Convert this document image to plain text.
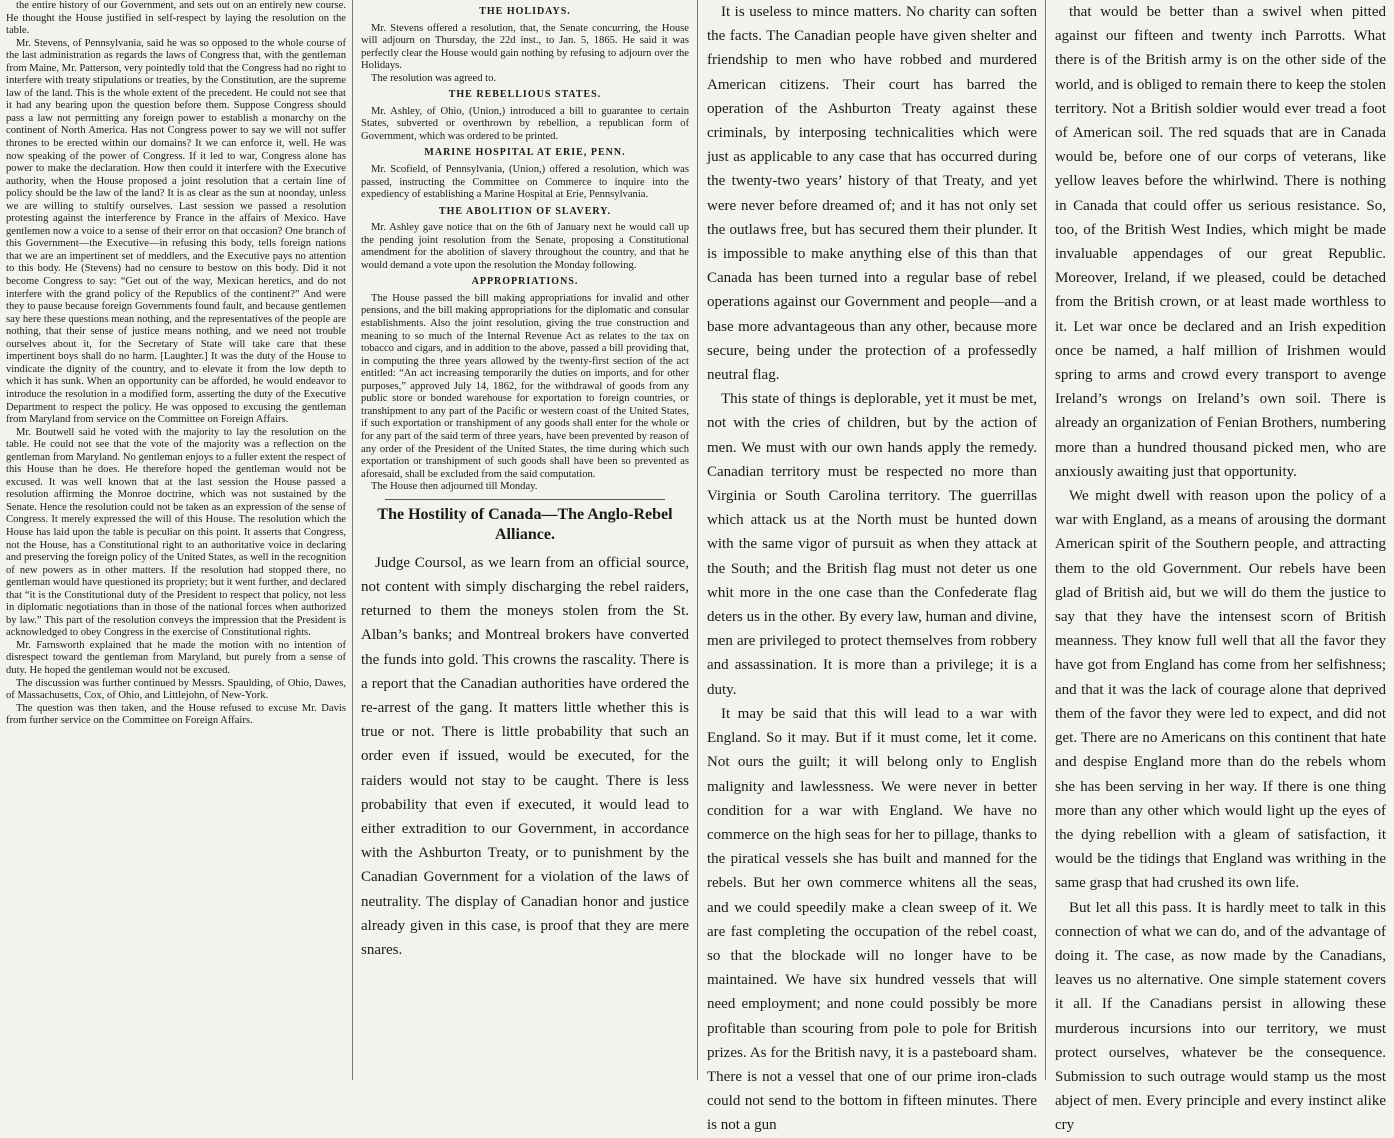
the entire history of our Government, and sets out on an entirely new course. He thought the House justified in self-respect by laying the resolution on the table.

Mr. Stevens, of Pennsylvania, said he was so opposed to the whole course of the last administration as regards the laws of Congress that, with the gentleman from Maine, Mr. Patterson, very pointedly told that the Congress had no right to interfere with treaty stipulations or treaties, by the Constitution, are the supreme law of the land. This is the whole extent of the precedent. He could not see that it had any bearing upon the question before them. Suppose Congress should pass a law not permitting any foreign power to establish a monarchy on the continent of North America. Has not Congress power to say we will not suffer thrones to be erected within our domains? It we can enforce it, well. He was now speaking of the power of Congress. If it led to war, Congress alone has power to make the declaration. How then could it interfere with the Executive authority, when the House proposed a joint resolution that a certain line of policy should be the law of the land? It is as clear as the sun at noonday, unless we are willing to stultify ourselves. Last session we passed a resolution protesting against the interference by France in the affairs of Mexico. Have gentlemen now a voice to a sense of their error on that occasion? One branch of this Government—the Executive—in refusing this body, tells foreign nations that we are an impertinent set of meddlers, and the Executive pays no attention to this body. He (Stevens) had no censure to bestow on this body. Did it not become Congress to say: “Get out of the way, Mexican heretics, and do not interfere with the grand policy of the Republics of the continent?” And were they to pause because foreign Governments found fault, and because gentlemen say here these questions mean nothing, and the representatives of the people are nothing, that their sense of justice means nothing, and we need not trouble ourselves about it, for the Secretary of State will take care that these impertinent boys shall do no harm. [Laughter.] It was the duty of the House to vindicate the dignity of the country, and to elevate it from the low depth to which it has sunk. When an opportunity can be afforded, he would endeavor to introduce the resolution in a modified form, asserting the duty of the Executive Department to respect the policy. He was opposed to excusing the gentleman from Maryland from service on the Committee on Foreign Affairs.

Mr. Boutwell said he voted with the majority to lay the resolution on the table. He could not see that the vote of the majority was a reflection on the gentleman from Maryland. No gentleman enjoys to a fuller extent the respect of this House than he does. He therefore hoped the gentleman would not be excused. It was well known that at the last session the House passed a resolution affirming the Monroe doctrine, which was not sustained by the Senate. Hence the resolution could not be taken as an expression of the sense of Congress. It merely expressed the will of this House. The resolution which the House has laid upon the table is peculiar on this point. It asserts that Congress, not the House, has a Constitutional right to an authoritative voice in declaring and preserving the foreign policy of the United States, as well in the recognition of new powers as in other matters. If the resolution had stopped there, no gentleman would have questioned its propriety; but it went further, and declared that “it is the Constitutional duty of the President to respect that policy, not less in diplomatic negotiations than in those of the national forces when authorized by law.” This part of the resolution conveys the impression that the President is acknowledged to obey Congress in the exercise of Constitutional rights.

Mr. Farnsworth explained that he made the motion with no intention of disrespect toward the gentleman from Maryland, but purely from a sense of duty. He hoped the gentleman would not be excused.

The discussion was further continued by Messrs. Spaulding, of Ohio, Dawes, of Massachusetts, Cox, of Ohio, and Littlejohn, of New-York.

The question was then taken, and the House refused to excuse Mr. Davis from further service on the Committee on Foreign Affairs.

THE HOLIDAYS.

Mr. Stevens offered a resolution, that, the Senate concurring, the House will adjourn on Thursday, the 22d inst., to Jan. 5, 1865. He said it was perfectly clear the House would gain nothing by refusing to adjourn over the Holidays.

The resolution was agreed to.

THE REBELLIOUS STATES.

Mr. Ashley, of Ohio, (Union,) introduced a bill to guarantee to certain States, subverted or overthrown by rebellion, a republican form of Government, which was ordered to be printed.

MARINE HOSPITAL AT ERIE, PENN.

Mr. Scofield, of Pennsylvania, (Union,) offered a resolution, which was passed, instructing the Committee on Commerce to inquire into the expediency of establishing a Marine Hospital at Erie, Pennsylvania.

THE ABOLITION OF SLAVERY.

Mr. Ashley gave notice that on the 6th of January next he would call up the pending joint resolution from the Senate, proposing a Constitutional amendment for the abolition of slavery throughout the country, and that he would demand a vote upon the resolution the Monday following.

APPROPRIATIONS.

The House passed the bill making appropriations for invalid and other pensions, and the bill making appropriations for the diplomatic and consular establishments. Also the joint resolution, giving the true construction and meaning to so much of the Internal Revenue Act as relates to the tax on tobacco and cigars, and in addition to the above, passed a bill providing that, in computing the three years allowed by the twenty-first section of the act entitled: “An act increasing temporarily the duties on imports, and for other purposes,” approved July 14, 1862, for the withdrawal of goods from any public store or bonded warehouse for exportation to foreign countries, or transhipment to any part of the Pacific or western coast of the United States, if such exportation or transhipment of any goods shall enter for the whole or for any part of the said term of three years, have been prevented by reason of any order of the President of the United States, the time during which such exportation or transhipment of such goods shall have been so prevented as aforesaid, shall be excluded from the said computation.

The House then adjourned till Monday.

The Hostility of Canada—The Anglo-Rebel Alliance.

Judge Coursol, as we learn from an official source, not content with simply discharging the rebel raiders, returned to them the moneys stolen from the St. Alban’s banks; and Montreal brokers have converted the funds into gold. This crowns the rascality. There is a report that the Canadian authorities have ordered the re-arrest of the gang. It matters little whether this is true or not. There is little probability that such an order even if issued, would be executed, for the raiders would not stay to be caught. There is less probability that even if executed, it would lead to either extradition to our Government, in accordance with the Ashburton Treaty, or to punishment by the Canadian Government for a violation of the laws of neutrality. The display of Canadian honor and justice already given in this case, is proof that they are mere snares.

It is useless to mince matters. No charity can soften the facts. The Canadian people have given shelter and friendship to men who have robbed and murdered American citizens. Their court has barred the operation of the Ashburton Treaty against these criminals, by interposing technicalities which were just as applicable to any case that has occurred during the twenty-two years’ history of that Treaty, and yet were never before dreamed of; and it has not only set the outlaws free, but has secured them their plunder. It is impossible to make anything else of this than that Canada has been turned into a regular base of rebel operations against our Government and people—and a base more advantageous than any other, because more secure, being under the protection of a professedly neutral flag.

This state of things is deplorable, yet it must be met, not with the cries of children, but by the action of men. We must with our own hands apply the remedy. Canadian territory must be respected no more than Virginia or South Carolina territory. The guerrillas which attack us at the North must be hunted down with the same vigor of pursuit as when they attack at the South; and the British flag must not deter us one whit more in the one case than the Confederate flag deters us in the other. By every law, human and divine, men are privileged to protect themselves from robbery and assassination. It is more than a privilege; it is a duty.

It may be said that this will lead to a war with England. So it may. But if it must come, let it come. Not ours the guilt; it will belong only to English malignity and lawlessness. We were never in better condition for a war with England. We have no commerce on the high seas for her to pillage, thanks to the piratical vessels she has built and manned for the rebels. But her own commerce whitens all the seas, and we could speedily make a clean sweep of it. We are fast completing the occupation of the rebel coast, so that the blockade will no longer have to be maintained. We have six hundred vessels that will need employment; and none could possibly be more profitable than scouring from pole to pole for British prizes. As for the British navy, it is a pasteboard sham. There is not a vessel that one of our prime iron-clads could not send to the bottom in fifteen minutes. There is not a gun

that would be better than a swivel when pitted against our fifteen and twenty inch Parrotts. What there is of the British army is on the other side of the world, and is obliged to remain there to keep the stolen territory. Not a British soldier would ever tread a foot of American soil. The red squads that are in Canada would be, before one of our corps of veterans, like yellow leaves before the whirlwind. There is nothing in Canada that could offer us serious resistance. So, too, of the British West Indies, which might be made invaluable appendages of our great Republic. Moreover, Ireland, if we pleased, could be detached from the British crown, or at least made worthless to it. Let war once be declared and an Irish expedition once be named, a half million of Irishmen would spring to arms and crowd every transport to avenge Ireland’s wrongs on Ireland’s own soil. There is already an organization of Fenian Brothers, numbering more than a hundred thousand picked men, who are anxiously awaiting just that opportunity.

We might dwell with reason upon the policy of a war with England, as a means of arousing the dormant American spirit of the Southern people, and attracting them to the old Government. Our rebels have been glad of British aid, but we will do them the justice to say that they have the intensest scorn of British meanness. They know full well that all the favor they have got from England has come from her selfishness; and that it was the lack of courage alone that deprived them of the favor they were led to expect, and did not get. There are no Americans on this continent that hate and despise England more than do the rebels whom she has been serving in her way. If there is one thing more than any other which would light up the eyes of the dying rebellion with a gleam of satisfaction, it would be the tidings that England was writhing in the same grasp that had crushed its own life.

But let all this pass. It is hardly meet to talk in this connection of what we can do, and of the advantage of doing it. The case, as now made by the Canadians, leaves us no alternative. One simple statement covers it all. If the Canadians persist in allowing these murderous incursions into our territory, we must protect ourselves, whatever be the consequence. Submission to such outrage would stamp us the most abject of men. Every principle and every instinct alike cry
